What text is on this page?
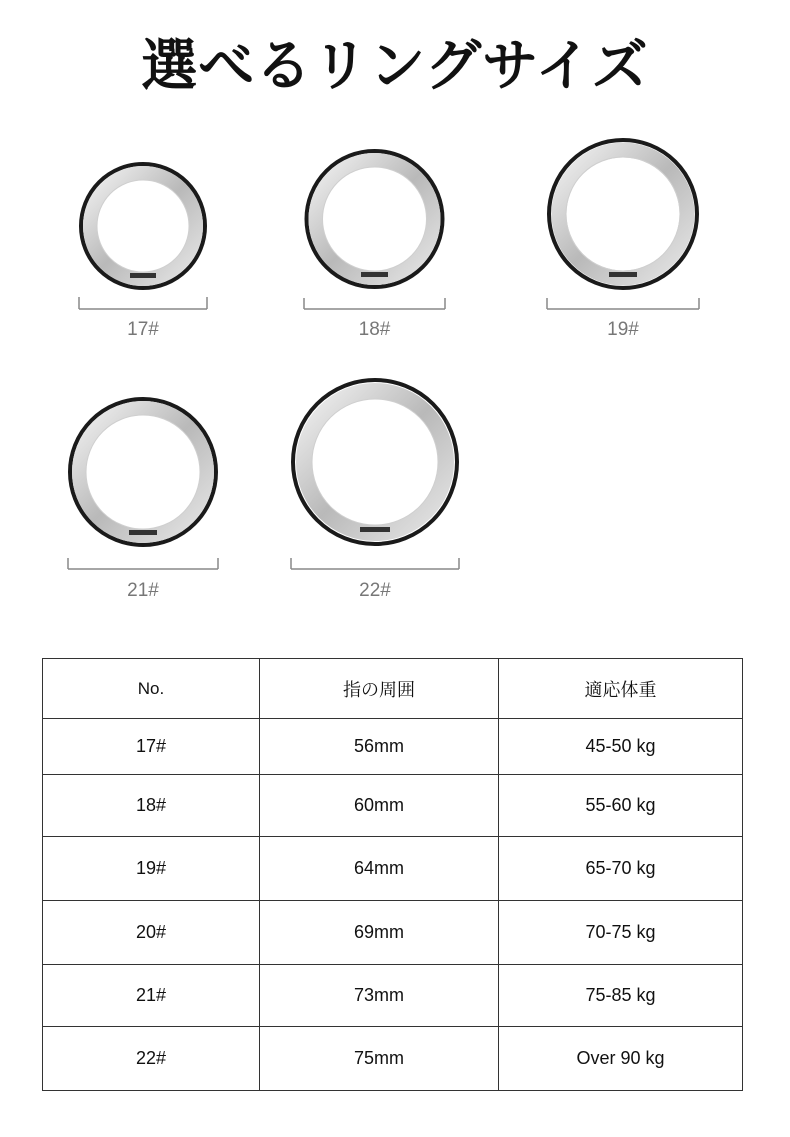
選べるリングサイズ
17#	18#	19#
21#	22#
No.	指の周囲	適応体重
17#	56mm	45-50 kg
18#	60mm	55-60 kg
19#	64mm	65-70 kg
20#	69mm	70-75 kg
21#	73mm	75-85 kg
22#	75mm	Over 90 kg
